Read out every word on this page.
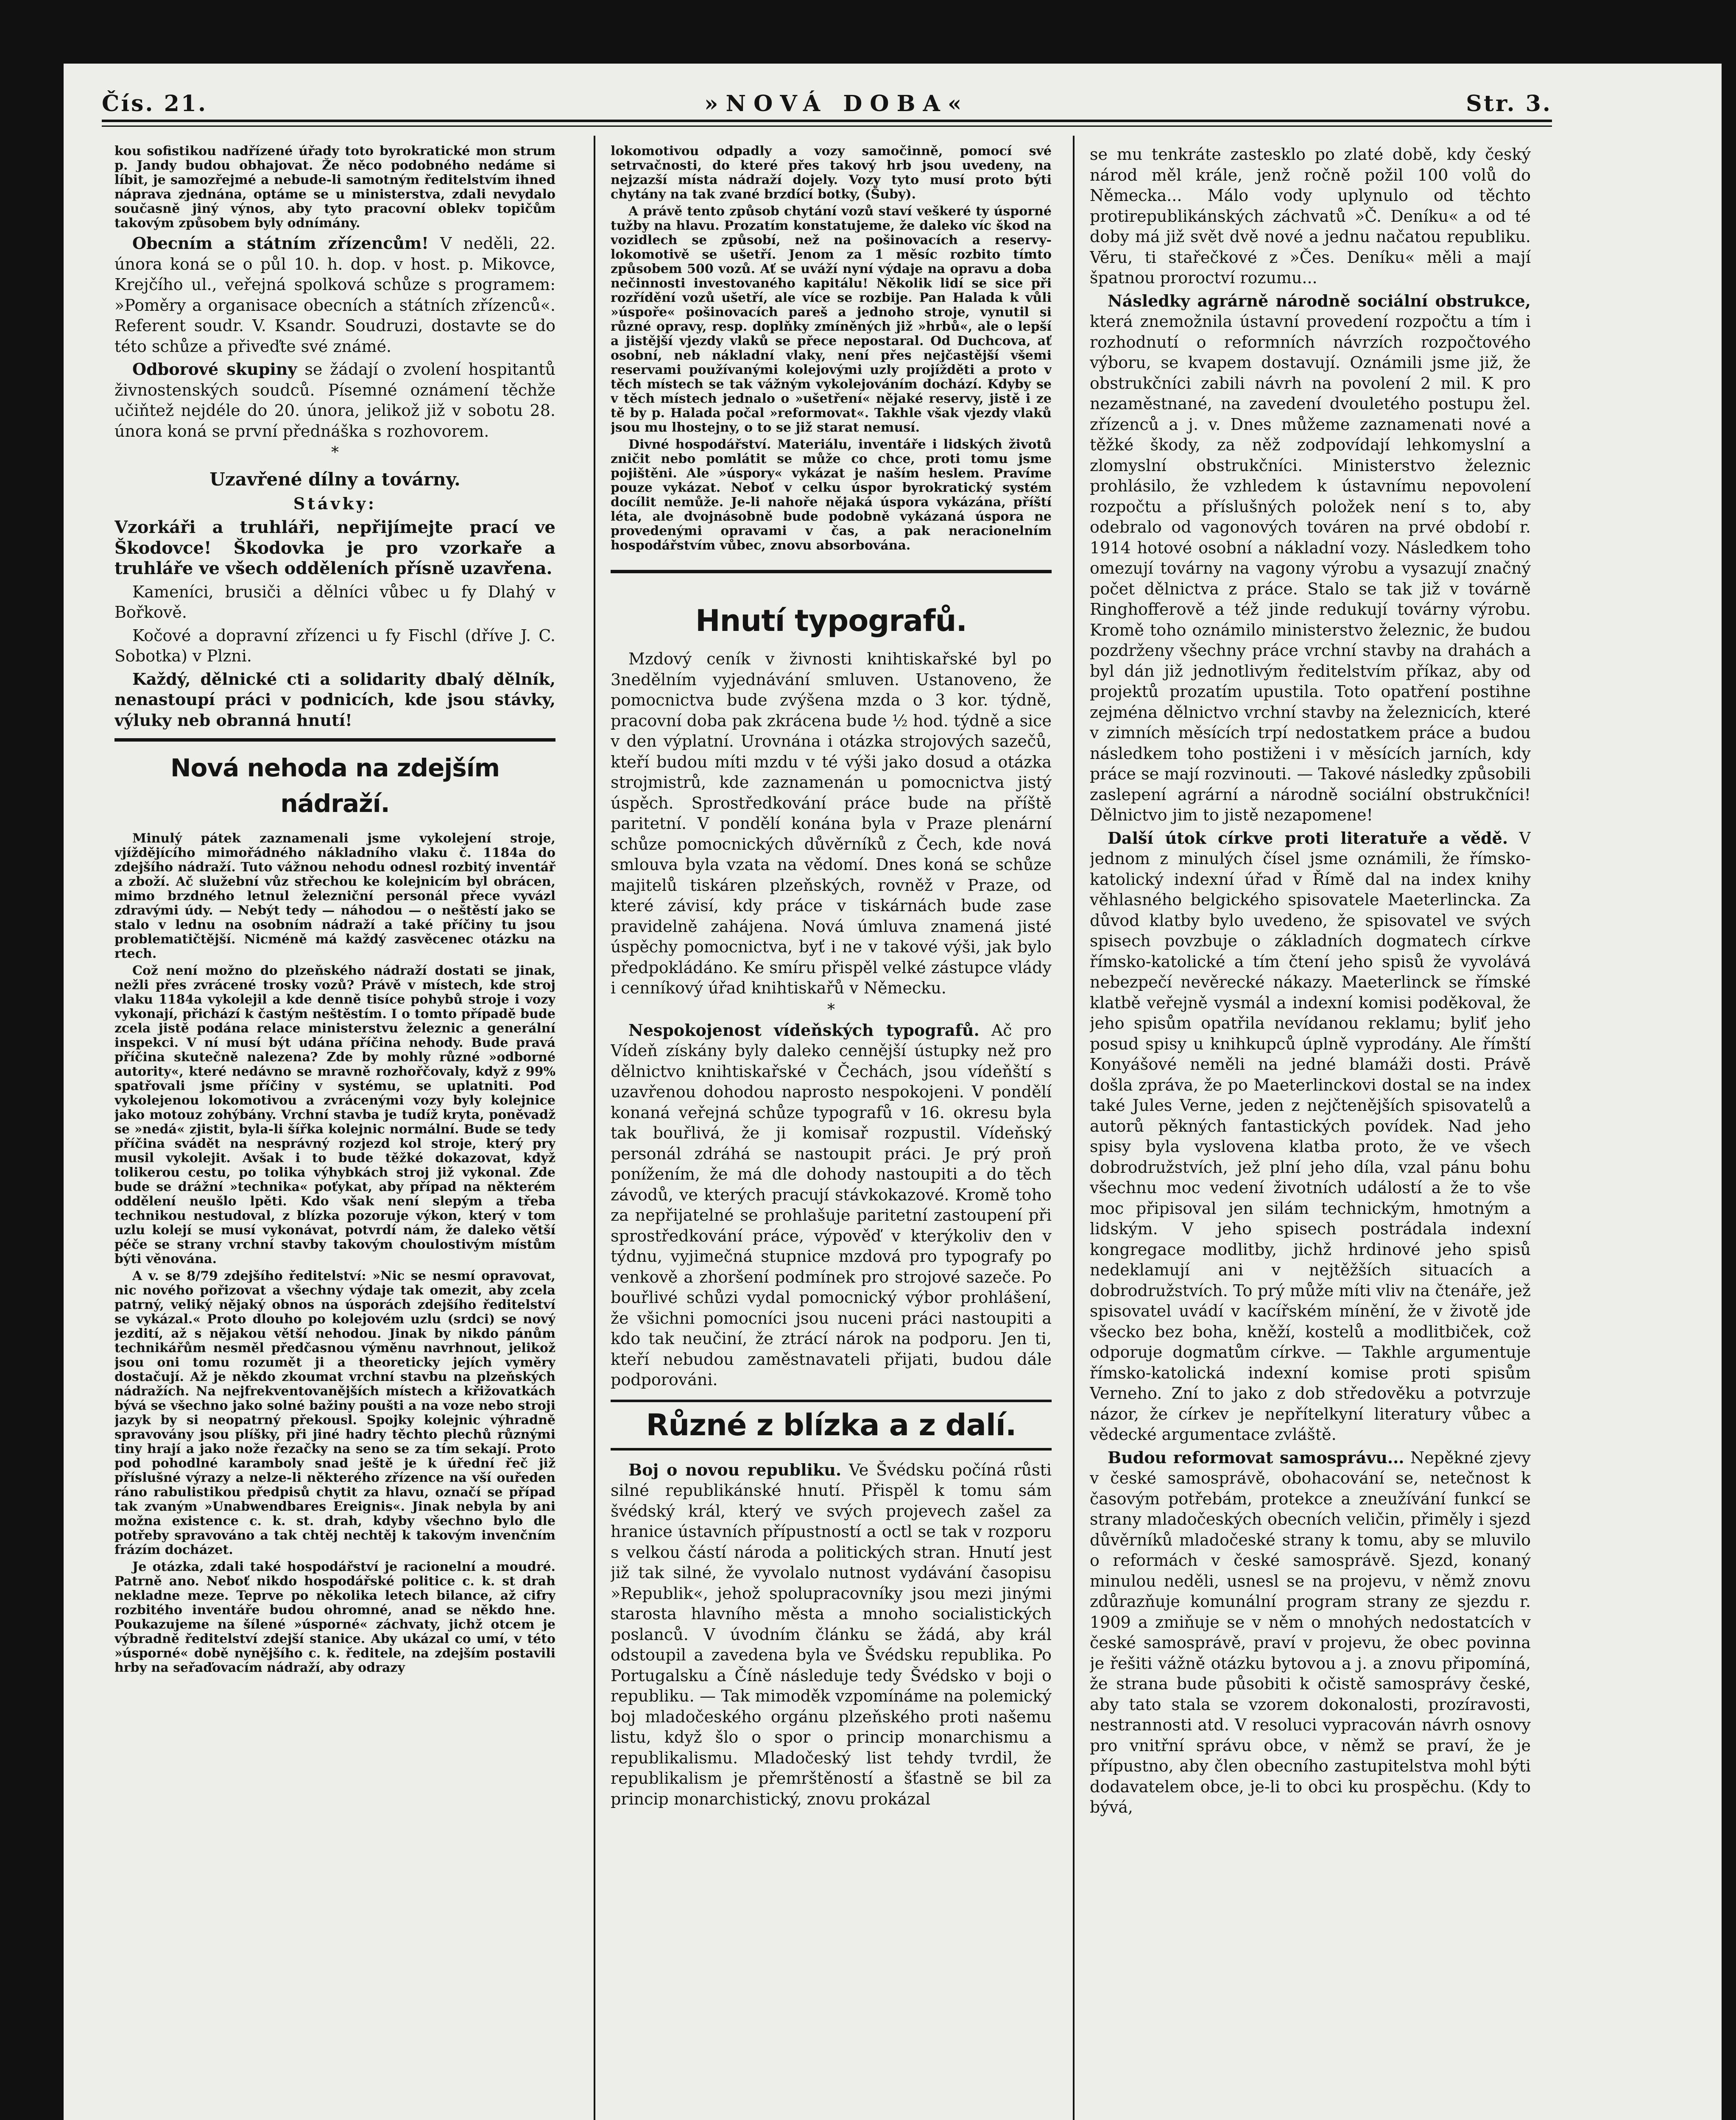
Čís. 21.	»NOVÁ DOBA«	Str. 3.

kou sofistikou nadřízené úřady toto byrokratické mon strum p. Jandy budou obhajovat. Že něco podobného nedáme si líbit, je samozřejmé a nebude-li samotným ředitelstvím ihned náprava zjednána, optáme se u ministerstva, zdali nevydalo současně jiný výnos, aby tyto pracovní oblekv topičům takovým způsobem byly odnímány.

Obecním a státním zřízencům! V neděli, 22. února koná se o půl 10. h. dop. v host. p. Mikovce, Krejčího ul., veřejná spolková schůze s programem: »Poměry a organisace obecních a státních zřízenců«. Referent soudr. V. Ksandr. Soudruzi, dostavte se do této schůze a přiveďte své známé.

Odborové skupiny se žádají o zvolení hospitantů živnostenských soudců. Písemné oznámení těchže učiňtež nejdéle do 20. února, jelikož již v sobotu 28. února koná se první přednáška s rozhovorem.

*
Uzavřené dílny a továrny.
Stávky:

Vzorkáři a truhláři, nepřijímejte prací ve Škodovce! Škodovka je pro vzorkaře a truhláře ve všech odděleních přísně uzavřena.

Kameníci, brusiči a dělníci vůbec u fy Dlahý v Bořkově.

Kočové a dopravní zřízenci u fy Fischl (dříve J. C. Sobotka) v Plzni.

Každý, dělnické cti a solidarity dbalý dělník, nenastoupí práci v podnicích, kde jsou stávky, výluky neb obranná hnutí!

Nová nehoda na zdejším nádraží.

Minulý pátek zaznamenali jsme vykolejení stroje, vjíždějícího mimořádného nákladního vlaku č. 1184a do zdejšího nádraží. Tuto vážnou nehodu odnesl rozbitý inventář a zboží. Ač služební vůz střechou ke kolejnicím byl obrácen, mimo brzdného letnul železniční personál přece vyvázl zdravými údy. — Nebýt tedy — náhodou — o neštěstí jako se stalo v lednu na osobním nádraží a také příčiny tu jsou problematičtější. Nicméně má každý zasvěcenec otázku na rtech.

Což není možno do plzeňského nádraží dostati se jinak, nežli přes zvrácené trosky vozů? Právě v místech, kde stroj vlaku 1184a vykolejil a kde denně tisíce pohybů stroje i vozy vykonají, přichází k častým neštěstím. I o tomto případě bude zcela jistě podána relace ministerstvu železnic a generální inspekci. V ní musí být udána příčina nehody. Bude pravá příčina skutečně nalezena? Zde by mohly různé »odborné autority«, které nedávno se mravně rozhořčovaly, když z 99% spatřovali jsme příčiny v systému, se uplatniti. Pod vykolejenou lokomotivou a zvrácenými vozy byly kolejnice jako motouz zohýbány. Vrchní stavba je tudíž kryta, poněvadž se »nedá« zjistit, byla-li šířka kolejnic normální. Bude se tedy příčina svádět na nesprávný rozjezd kol stroje, který pry musil vykolejit. Avšak i to bude těžké dokazovat, když tolikerou cestu, po tolika výhybkách stroj již vykonal. Zde bude se drážní »technika« poťykat, aby případ na některém oddělení neušlo lpěti. Kdo však není slepým a třeba technikou nestudoval, z blízka pozoruje výkon, který v tom uzlu kolejí se musí vykonávat, potvrdí nám, že daleko větší péče se strany vrchní stavby takovým choulostivým místům býti věnována.

A v. se 8/79 zdejšího ředitelství: »Nic se nesmí opravovat, nic nového pořizovat a všechny výdaje tak omezit, aby zcela patrný, veliký nějaký obnos na úsporách zdejšího ředitelství se vykázal.« Proto dlouho po kolejovém uzlu (srdci) se nový jezdití, až s nějakou větší nehodou. Jinak by nikdo pánům technikářům nesměl předčasnou výměnu navrhnout, jelikož jsou oni tomu rozumět ji a theoreticky jejích vyměry dostačují. Až je někdo zkoumat vrchní stavbu na plzeňských nádražích. Na nejfrekventovanějších místech a křižovatkách bývá se všechno jako solné bažiny poušti a na voze nebo stroji jazyk by si neopatrný překousl. Spojky kolejnic výhradně spravovány jsou plíšky, při jiné hadry těchto plechů různými tiny hrají a jako nože řezačky na seno se za tím sekají. Proto pod pohodlné karamboly snad ještě je k úřední řeč již příslušné výrazy a nelze-li některého zřízence na vší ouředen ráno rabulistikou předpisů chytit za hlavu, označí se případ tak zvaným »Unabwendbares Ereignis«. Jinak nebyla by ani možna existence c. k. st. drah, kdyby všechno bylo dle potřeby spravováno a tak chtěj nechtěj k takovým invenčním frázím docházet.

Je otázka, zdali také hospodářství je racionelní a moudré. Patrně ano. Neboť nikdo hospodářské politice c. k. st drah nekladne meze. Teprve po několika letech bilance, až cifry rozbitého inventáře budou ohromné, anad se někdo hne. Poukazujeme na šílené »úsporné« záchvaty, jichž otcem je výbradně ředitelství zdejší stanice. Aby ukázal co umí, v této »úsporné« době nynějšího c. k. ředitele, na zdejším postavili hrby na seřaďovacím nádraží, aby odrazy

lokomotivou odpadly a vozy samočinně, pomocí své setrvačnosti, do které přes takový hrb jsou uvedeny, na nejzazší místa nádraží dojely. Vozy tyto musí proto býti chytány na tak zvané brzdící botky, (Šuby).

A právě tento způsob chytání vozů staví veškeré ty úsporné tužby na hlavu. Prozatím konstatujeme, že daleko víc škod na vozidlech se způsobí, než na pošinovacích a reservy-lokomotivě se ušetří. Jenom za 1 měsíc rozbito tímto způsobem 500 vozů. Ať se uváží nyní výdaje na opravu a doba nečinnosti investovaného kapitálu! Několik lidí se sice při rozřídění vozů ušetří, ale více se rozbije. Pan Halada k vůli »úspoře« pošinovacích pareš a jednoho stroje, vynutil si různé opravy, resp. doplňky zmíněných již »hrbů«, ale o lepší a jistější vjezdy vlaků se přece nepostaral. Od Duchcova, ať osobní, neb nákladní vlaky, není přes nejčastější všemi reservami používanými kolejovými uzly projížděti a proto v těch místech se tak vážným vykolejováním dochází. Kdyby se v těch místech jednalo o »ušetření« nějaké reservy, jistě i ze tě by p. Halada počal »reformovat«. Takhle však vjezdy vlaků jsou mu lhostejny, o to se již starat nemusí.

Divné hospodářství. Materiálu, inventáře i lidských životů zničit nebo pomlátit se může co chce, proti tomu jsme pojištěni. Ale »úspory« vykázat je naším heslem. Pravíme pouze vykázat. Neboť v celku úspor byrokratický systém docílit nemůže. Je-li nahoře nějaká úspora vykázána, příští léta, ale dvojnásobně bude podobně vykázaná úspora ne provedenými opravami v čas, a pak neracionelním hospodářstvím vůbec, znovu absorbována.

Hnutí typografů.

Mzdový ceník v živnosti knihtiskařské byl po 3nedělním vyjednávání smluven. Ustanoveno, že pomocnictva bude zvýšena mzda o 3 kor. týdně, pracovní doba pak zkrácena bude ½ hod. týdně a sice v den výplatní. Urovnána i otázka strojových sazečů, kteří budou míti mzdu v té výši jako dosud a otázka strojmistrů, kde zaznamenán u pomocnictva jistý úspěch. Sprostředkování práce bude na příště paritetní. V pondělí konána byla v Praze plenární schůze pomocnických důvěrníků z Čech, kde nová smlouva byla vzata na vědomí. Dnes koná se schůze majitelů tiskáren plzeňských, rovněž v Praze, od které závisí, kdy práce v tiskárnách bude zase pravidelně zahájena. Nová úmluva znamená jisté úspěchy pomocnictva, byť i ne v takové výši, jak bylo předpokládáno. Ke smíru přispěl velké zástupce vlády i cenníkový úřad knihtiskařů v Německu.

*

Nespokojenost vídeňských typografů. Ač pro Vídeň získány byly daleko cennější ústupky než pro dělnictvo knihtiskařské v Čechách, jsou vídeňští s uzavřenou dohodou naprosto nespokojeni. V pondělí konaná veřejná schůze typografů v 16. okresu byla tak bouřlivá, že ji komisař rozpustil. Vídeňský personál zdráhá se nastoupit práci. Je prý proň ponížením, že má dle dohody nastoupiti a do těch závodů, ve kterých pracují stávkokazové. Kromě toho za nepřijatelné se prohlašuje paritetní zastoupení při sprostředkování práce, výpověď v kterýkoliv den v týdnu, vyjimečná stupnice mzdová pro typografy po venkově a zhoršení podmínek pro strojové sazeče. Po bouřlivé schůzi vydal pomocnický výbor prohlášení, že všichni pomocníci jsou nuceni práci nastoupiti a kdo tak neučiní, že ztrácí nárok na podporu. Jen ti, kteří nebudou zaměstnavateli přijati, budou dále podporováni.

Různé z blízka a z dalí.

Boj o novou republiku. Ve Švédsku počíná růsti silné republikánské hnutí. Přispěl k tomu sám švédský král, který ve svých projevech zašel za hranice ústavních přípustností a octl se tak v rozporu s velkou částí národa a politických stran. Hnutí jest již tak silné, že vyvolalo nutnost vydávání časopisu »Republik«, jehož spolupracovníky jsou mezi jinými starosta hlavního města a mnoho socialistických poslanců. V úvodním článku se žádá, aby král odstoupil a zavedena byla ve Švédsku republika. Po Portugalsku a Číně následuje tedy Švédsko v boji o republiku. — Tak mimoděk vzpomínáme na polemický boj mladočeského orgánu plzeňského proti našemu listu, když šlo o spor o princip monarchismu a republikalismu. Mladočeský list tehdy tvrdil, že republikalism je přemrštěností a šťastně se bil za princip monarchistický, znovu prokázal

se mu tenkráte zastesklo po zlaté době, kdy český národ měl krále, jenž ročně požil 100 volů do Německa... Málo vody uplynulo od těchto protirepublikánských záchvatů »Č. Deníku« a od té doby má již svět dvě nové a jednu načatou republiku. Věru, ti stařečkové z »Čes. Deníku« měli a mají špatnou proroctví rozumu...

Následky agrárně národně sociální obstrukce, která znemožnila ústavní provedení rozpočtu a tím i rozhodnutí o reformních návrzích rozpočtového výboru, se kvapem dostavují. Oznámili jsme již, že obstrukčníci zabili návrh na povolení 2 mil. K pro nezaměstnané, na zavedení dvouletého postupu žel. zřízenců a j. v. Dnes můžeme zaznamenati nové a těžké škody, za něž zodpovídají lehkomyslní a zlomyslní obstrukčníci. Ministerstvo železnic prohlásilo, že vzhledem k ústavnímu nepovolení rozpočtu a příslušných položek není s to, aby odebralo od vagonových továren na prvé období r. 1914 hotové osobní a nákladní vozy. Následkem toho omezují továrny na vagony výrobu a vysazují značný počet dělnictva z práce. Stalo se tak již v továrně Ringhofferově a též jinde redukují továrny výrobu. Kromě toho oznámilo ministerstvo železnic, že budou pozdrženy všechny práce vrchní stavby na drahách a byl dán již jednotlivým ředitelstvím příkaz, aby od projektů prozatím upustila. Toto opatření postihne zejména dělnictvo vrchní stavby na železnicích, které v zimních měsících trpí nedostatkem práce a budou následkem toho postiženi i v měsících jarních, kdy práce se mají rozvinouti. — Takové následky způsobili zaslepení agrární a národně sociální obstrukčníci! Dělnictvo jim to jistě nezapomene!

Další útok církve proti literatuře a vědě. V jednom z minulých čísel jsme oznámili, že římsko-katolický indexní úřad v Římě dal na index knihy věhlasného belgického spisovatele Maeterlincka. Za důvod klatby bylo uvedeno, že spisovatel ve svých spisech povzbuje o základních dogmatech církve římsko-katolické a tím čtení jeho spisů že vyvolává nebezpečí nevěrecké nákazy. Maeterlinck se římské klatbě veřejně vysmál a indexní komisi poděkoval, že jeho spisům opatřila nevídanou reklamu; byliť jeho posud spisy u knihkupců úplně vyprodány. Ale římští Konyášové neměli na jedné blamáži dosti. Právě došla zpráva, že po Maeterlinckovi dostal se na index také Jules Verne, jeden z nejčtenějších spisovatelů a autorů pěkných fantastických povídek. Nad jeho spisy byla vyslovena klatba proto, že ve všech dobrodružstvích, jež plní jeho díla, vzal pánu bohu všechnu moc vedení životních událostí a že to vše moc připisoval jen silám technickým, hmotným a lidským. V jeho spisech postrádala indexní kongregace modlitby, jichž hrdinové jeho spisů nedeklamují ani v nejtěžších situacích a dobrodružstvích. To prý může míti vliv na čtenáře, jež spisovatel uvádí v kacířském mínění, že v životě jde všecko bez boha, kněží, kostelů a modlitbiček, což odporuje dogmatům církve. — Takhle argumentuje římsko-katolická indexní komise proti spisům Verneho. Zní to jako z dob středověku a potvrzuje názor, že církev je nepřítelkyní literatury vůbec a vědecké argumentace zvláště.

Budou reformovat samosprávu... Nepěkné zjevy v české samosprávě, obohacování se, netečnost k časovým potřebám, protekce a zneužívání funkcí se strany mladočeských obecních veličin, přiměly i sjezd důvěrníků mladočeské strany k tomu, aby se mluvilo o reformách v české samosprávě. Sjezd, konaný minulou neděli, usnesl se na projevu, v němž znovu zdůrazňuje komunální program strany ze sjezdu r. 1909 a zmiňuje se v něm o mnohých nedostatcích v české samosprávě, praví v projevu, že obec povinna je řešiti vážně otázku bytovou a j. a znovu připomíná, že strana bude působiti k očistě samosprávy české, aby tato stala se vzorem dokonalosti, prozíravosti, nestrannosti atd. V resoluci vypracován návrh osnovy pro vnitřní správu obce, v němž se praví, že je přípustno, aby člen obecního zastupitelstva mohl býti dodavatelem obce, je-li to obci ku prospěchu. (Kdy to bývá,
